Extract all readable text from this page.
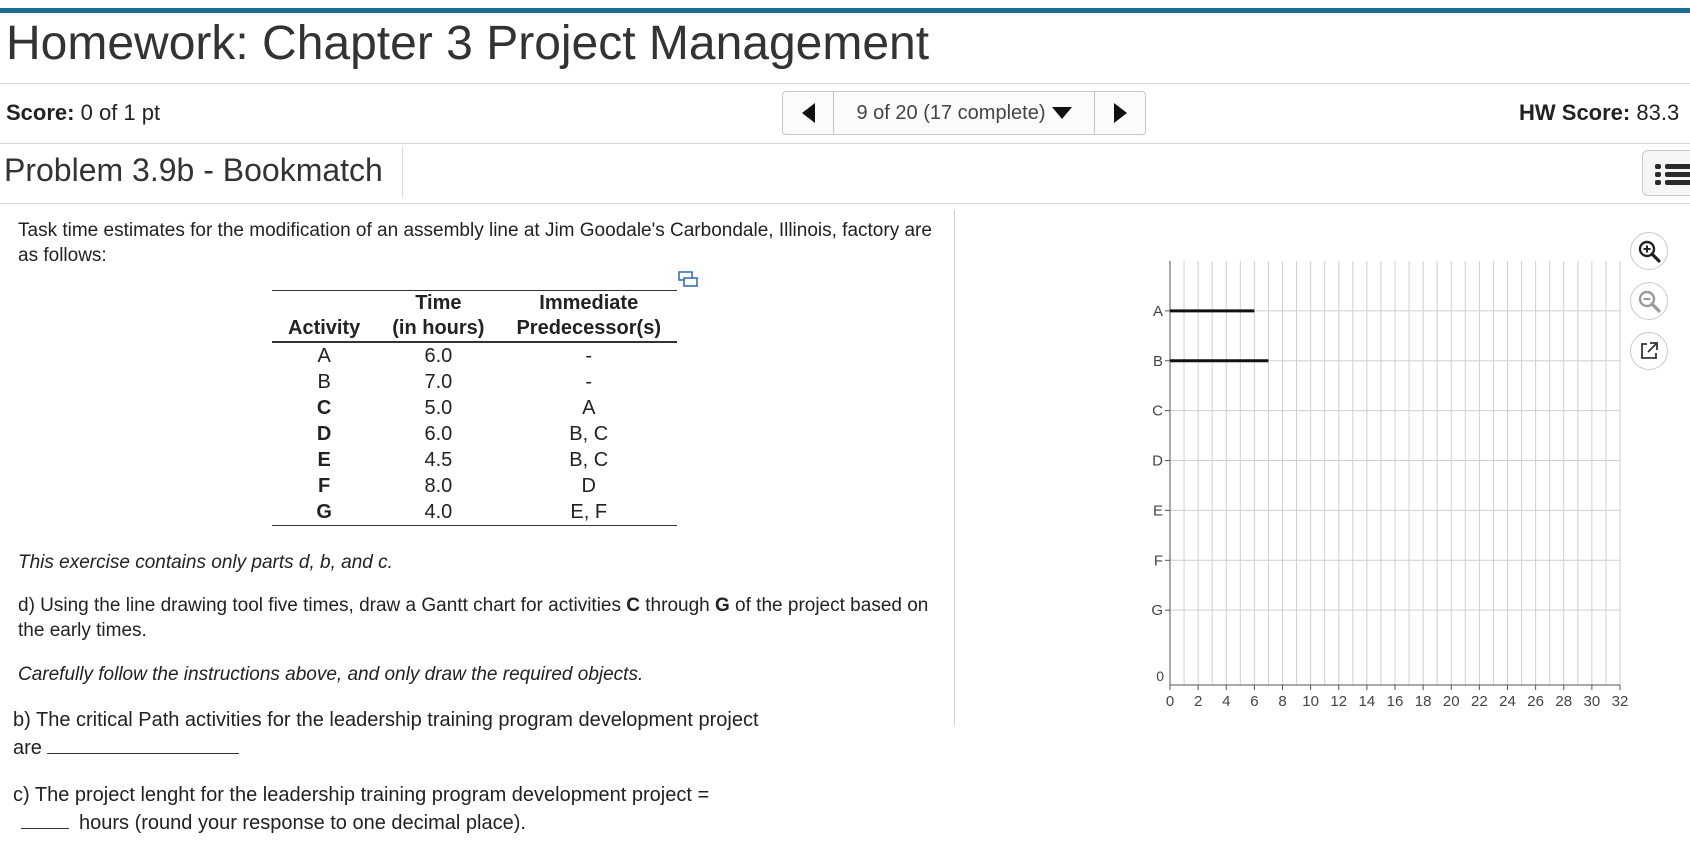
Homework: Chapter 3 Project Management
Score: 0 of 1 pt	9 of 20 (17 complete)	HW Score: 83.3
Problem 3.9b - Bookmatch
Task time estimates for the modification of an assembly line at Jim Goodale's Carbondale, Illinois, factory are as follows:
	Time	Immediate
Activity	(in hours)	Predecessor(s)
A	6.0	-
B	7.0	-
C	5.0	A
D	6.0	B, C
E	4.5	B, C
F	8.0	D
G	4.0	E, F
This exercise contains only parts d, b, and c.
d) Using the line drawing tool five times, draw a Gantt chart for activities C through G of the project based on the early times.
Carefully follow the instructions above, and only draw the required objects.
b) The critical Path activities for the leadership training program development project are
c) The project lenght for the leadership training program development project =
hours (round your response to one decimal place).
A
B
C
D
E
F
G
0
0 2 4 6 8 10 12 14 16 18 20 22 24 26 28 30 32
